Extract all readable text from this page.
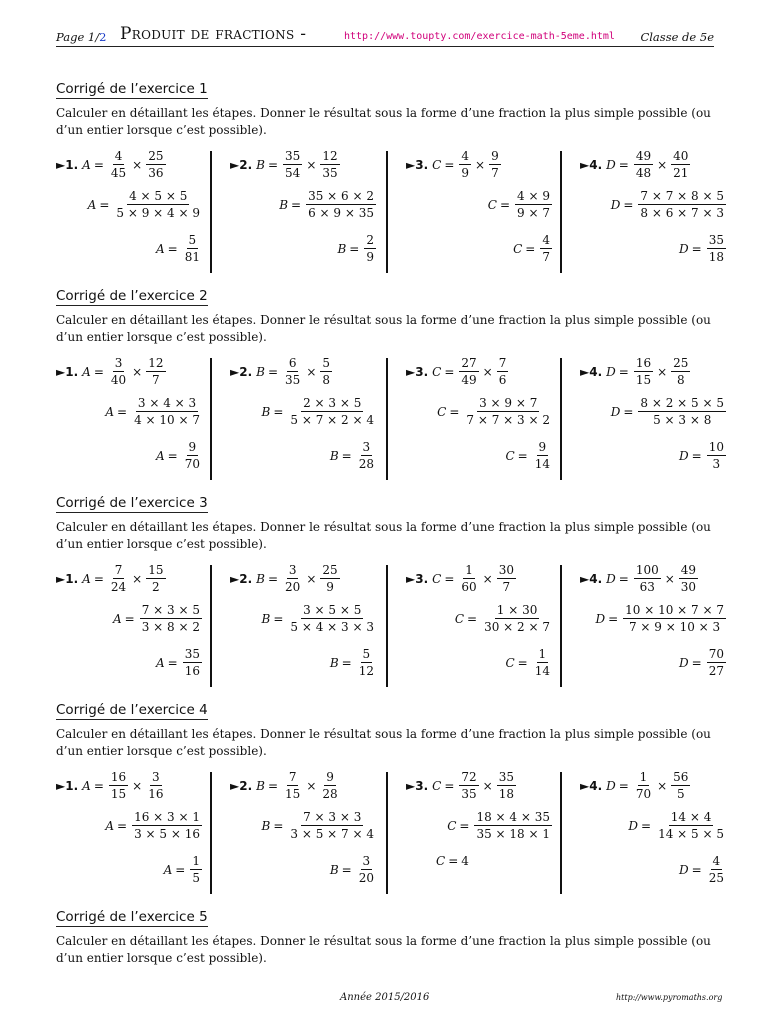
Page 1/2 Produit de fractions -	http://www.toupty.com/exercice-math-5eme.html Classe de 5e
Corrigé de l’exercice 1
Calculer en détaillant les étapes. Donner le résultat sous la forme d’une fraction la plus simple possible (ou d’un entier lorsque c’est possible).
►1. $A = \frac{4}{45} \times \frac{25}{36}$
$A = \frac{4 \times 5 \times 5}{5 \times 9 \times 4 \times 9}$
$A = \frac{5}{81}$
►2. $B = \frac{35}{54} \times \frac{12}{35}$
$B = \frac{35 \times 6 \times 2}{6 \times 9 \times 35}$
$B = \frac{2}{9}$
►3. $C = \frac{4}{9} \times \frac{9}{7}$
$C = \frac{4 \times 9}{9 \times 7}$
$C = \frac{4}{7}$
►4. $D = \frac{49}{48} \times \frac{40}{21}$
$D = \frac{7 \times 7 \times 8 \times 5}{8 \times 6 \times 7 \times 3}$
$D = \frac{35}{18}$
Corrigé de l’exercice 2
Calculer en détaillant les étapes. Donner le résultat sous la forme d’une fraction la plus simple possible (ou d’un entier lorsque c’est possible).
►1. $A = \frac{3}{40} \times \frac{12}{7}$
$A = \frac{3 \times 4 \times 3}{4 \times 10 \times 7}$
$A = \frac{9}{70}$
►2. $B = \frac{6}{35} \times \frac{5}{8}$
$B = \frac{2 \times 3 \times 5}{5 \times 7 \times 2 \times 4}$
$B = \frac{3}{28}$
►3. $C = \frac{27}{49} \times \frac{7}{6}$
$C = \frac{3 \times 9 \times 7}{7 \times 7 \times 3 \times 2}$
$C = \frac{9}{14}$
►4. $D = \frac{16}{15} \times \frac{25}{8}$
$D = \frac{8 \times 2 \times 5 \times 5}{5 \times 3 \times 8}$
$D = \frac{10}{3}$
Corrigé de l’exercice 3
Calculer en détaillant les étapes. Donner le résultat sous la forme d’une fraction la plus simple possible (ou d’un entier lorsque c’est possible).
►1. $A = \frac{7}{24} \times \frac{15}{2}$
$A = \frac{7 \times 3 \times 5}{3 \times 8 \times 2}$
$A = \frac{35}{16}$
►2. $B = \frac{3}{20} \times \frac{25}{9}$
$B = \frac{3 \times 5 \times 5}{5 \times 4 \times 3 \times 3}$
$B = \frac{5}{12}$
►3. $C = \frac{1}{60} \times \frac{30}{7}$
$C = \frac{1 \times 30}{30 \times 2 \times 7}$
$C = \frac{1}{14}$
►4. $D = \frac{100}{63} \times \frac{49}{30}$
$D = \frac{10 \times 10 \times 7 \times 7}{7 \times 9 \times 10 \times 3}$
$D = \frac{70}{27}$
Corrigé de l’exercice 4
Calculer en détaillant les étapes. Donner le résultat sous la forme d’une fraction la plus simple possible (ou d’un entier lorsque c’est possible).
►1. $A = \frac{16}{15} \times \frac{3}{16}$
$A = \frac{16 \times 3 \times 1}{3 \times 5 \times 16}$
$A = \frac{1}{5}$
►2. $B = \frac{7}{15} \times \frac{9}{28}$
$B = \frac{7 \times 3 \times 3}{3 \times 5 \times 7 \times 4}$
$B = \frac{3}{20}$
►3. $C = \frac{72}{35} \times \frac{35}{18}$
$C = \frac{18 \times 4 \times 35}{35 \times 18 \times 1}$
C = 4
►4. $D = \frac{1}{70} \times \frac{56}{5}$
$D = \frac{14 \times 4}{14 \times 5 \times 5}$
$D = \frac{4}{25}$
Corrigé de l’exercice 5
Calculer en détaillant les étapes. Donner le résultat sous la forme d’une fraction la plus simple possible (ou d’un entier lorsque c’est possible).
Année 2015/2016	http://www.pyromaths.org
